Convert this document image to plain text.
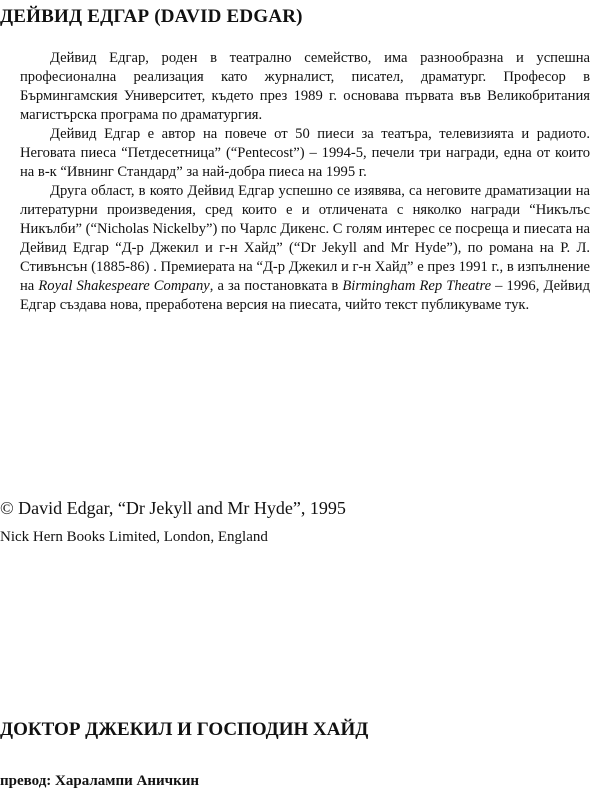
ДЕЙВИД ЕДГАР (DAVID EDGAR)

Дейвид Едгар, роден в театрално семейство, има разнообразна и успешна професионална реализация като журналист, писател, драматург. Професор в Бърмингамския Университет, където през 1989 г. основава първата във Великобритания магистърска програма по драматургия.

Дейвид Едгар е автор на повече от 50 пиеси за театъра, телевизията и радиото. Неговата пиеса “Петдесетница” (“Pentecost”) – 1994-5, печели три награди, една от които на в-к “Ивнинг Стандард” за най-добра пиеса на 1995 г.

Друга област, в която Дейвид Едгар успешно се изявява, са неговите драматизации на литературни произведения, сред които е и отличената с няколко награди “Никълъс Никълби” (“Nicholas Nickelby”) по Чарлс Дикенс. С голям интерес се посреща и пиесата на Дейвид Едгар “Д-р Джекил и г-н Хайд” (“Dr Jekyll and Mr Hyde”), по романа на Р. Л. Стивънсън (1885-86) . Премиерата на “Д-р Джекил и г-н Хайд” е през 1991 г., в изпълнение на Royal Shakespeare Company, а за постановката в Birmingham Rep Theatre – 1996, Дейвид Едгар създава нова, преработена версия на пиесата, чийто текст публикуваме тук.

© David Edgar, “Dr Jekyll and Mr Hyde”, 1995
Nick Hern Books Limited, London, England
ДОКТОР ДЖЕКИЛ И ГОСПОДИН ХАЙД
превод: Харалампи Аничкин
